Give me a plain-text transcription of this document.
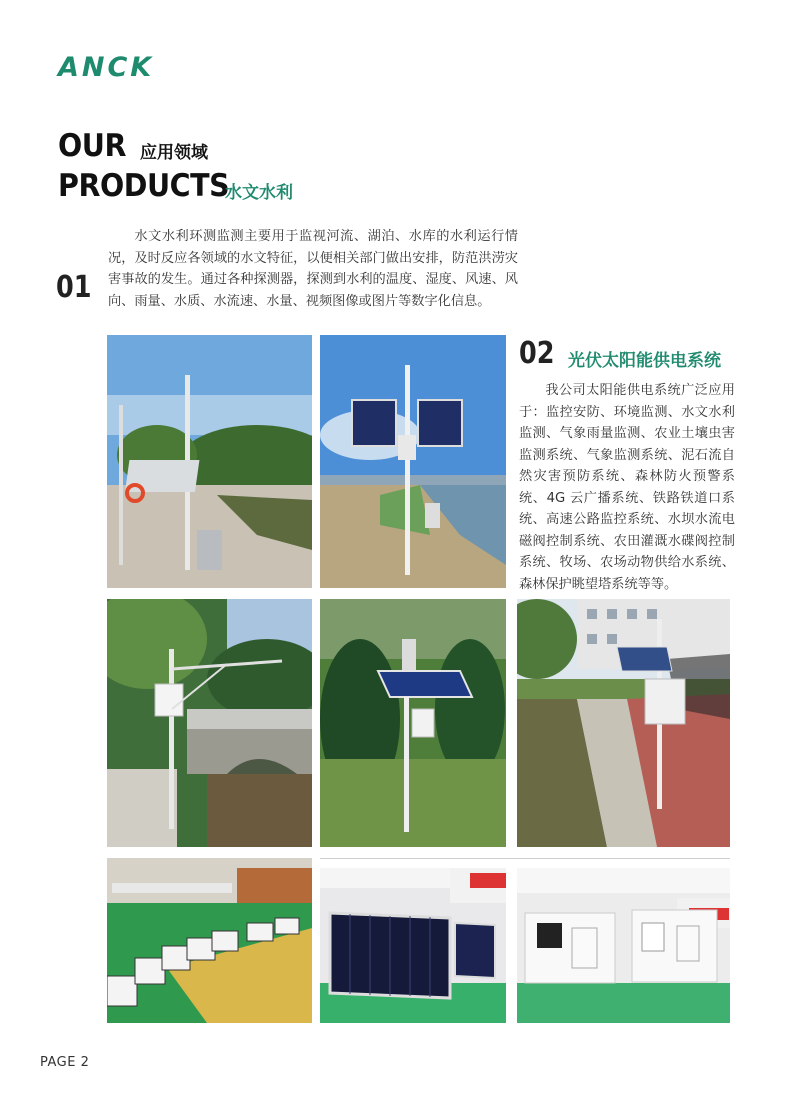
ANCK
OUR
PRODUCTS
应用领域
水文水利
01
水文水利环测监测主要用于监视河流、湖泊、水库的水利运行情况，及时反应各领域的水文特征，以便相关部门做出安排，防范洪涝灾害事故的发生。通过各种探测器，探测到水利的温度、湿度、风速、风向、雨量、水质、水流速、水量、视频图像或图片等数字化信息。
02 光伏太阳能供电系统
我公司太阳能供电系统广泛应用于：监控安防、环境监测、水文水利监测、气象雨量监测、农业土壤虫害监测系统、气象监测系统、泥石流自然灾害预防系统、森林防火预警系统、4G 云广播系统、铁路铁道口系统、高速公路监控系统、水坝水流电磁阀控制系统、农田灌溉水碟阀控制系统、牧场、农场动物供给水系统、森林保护眺望塔系统等等。
PAGE 2
